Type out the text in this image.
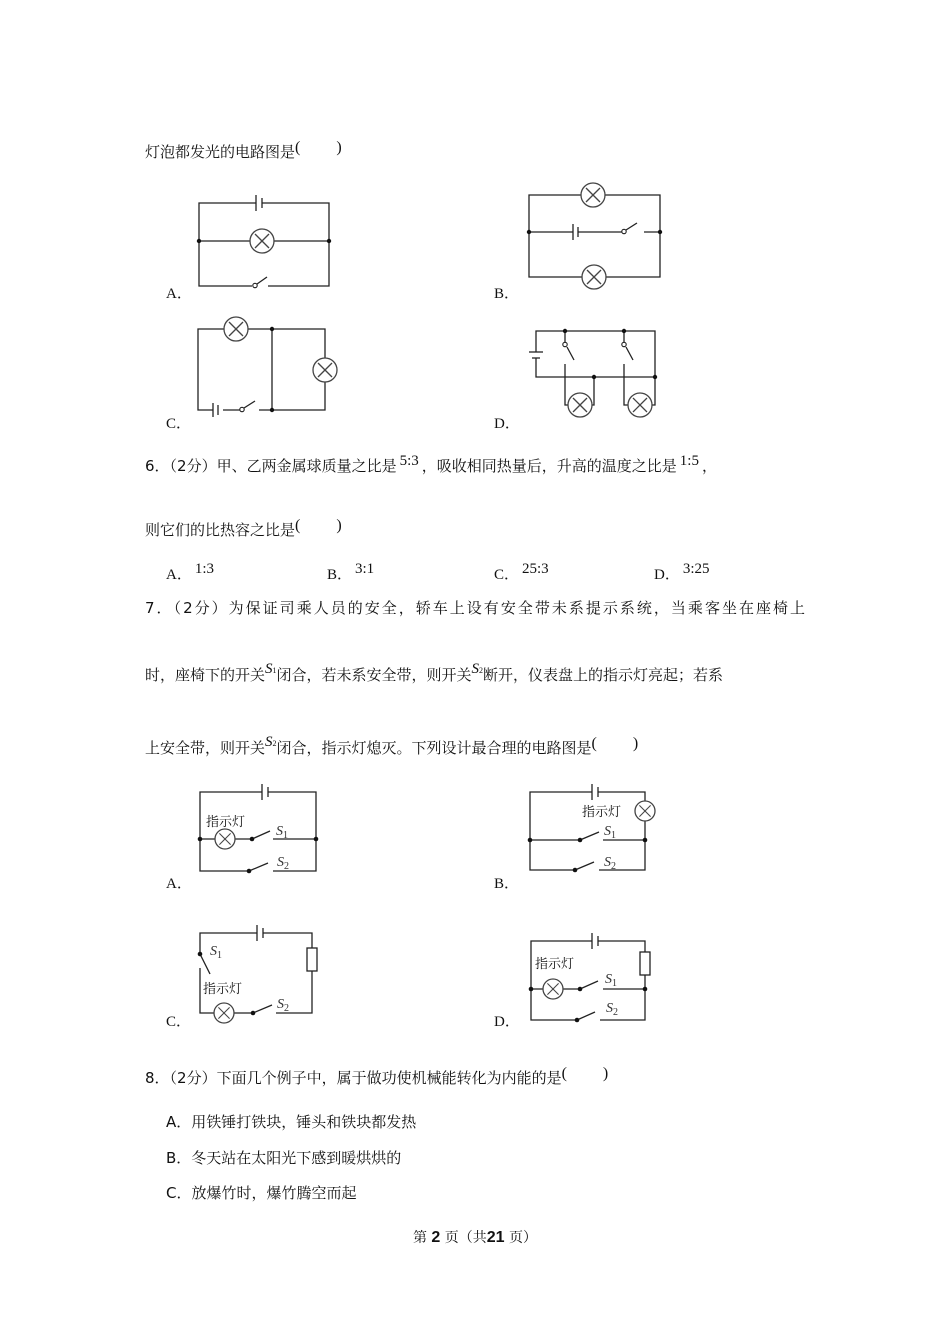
灯泡都发光的电路图是( )
A．	B．
C．	D．
6．（2分）甲、乙两金属球质量之比是 5:3 ，吸收相同热量后，升高的温度之比是 1:5 ，
则它们的比热容之比是( )
A． 1:3	B． 3:1	C． 25:3	D． 3:25
7．（2分）为保证司乘人员的安全，轿车上设有安全带未系提示系统，当乘客坐在座椅上
时，座椅下的开关S1闭合，若未系安全带，则开关S2断开，仪表盘上的指示灯亮起；若系
上安全带，则开关S2闭合，指示灯熄灭。下列设计最合理的电路图是( )
A．	B．
C．	D．
8．（2分）下面几个例子中，属于做功使机械能转化为内能的是( )
A．用铁锤打铁块，锤头和铁块都发热
B．冬天站在太阳光下感到暖烘烘的
C．放爆竹时，爆竹腾空而起
第 2 页（共21 页）
指示灯
$S_1$
$S_2$
指示灯
$S_1$
$S_2$
$S_1$
指示灯
$S_2$
指示灯
$S_1$
$S_2$
